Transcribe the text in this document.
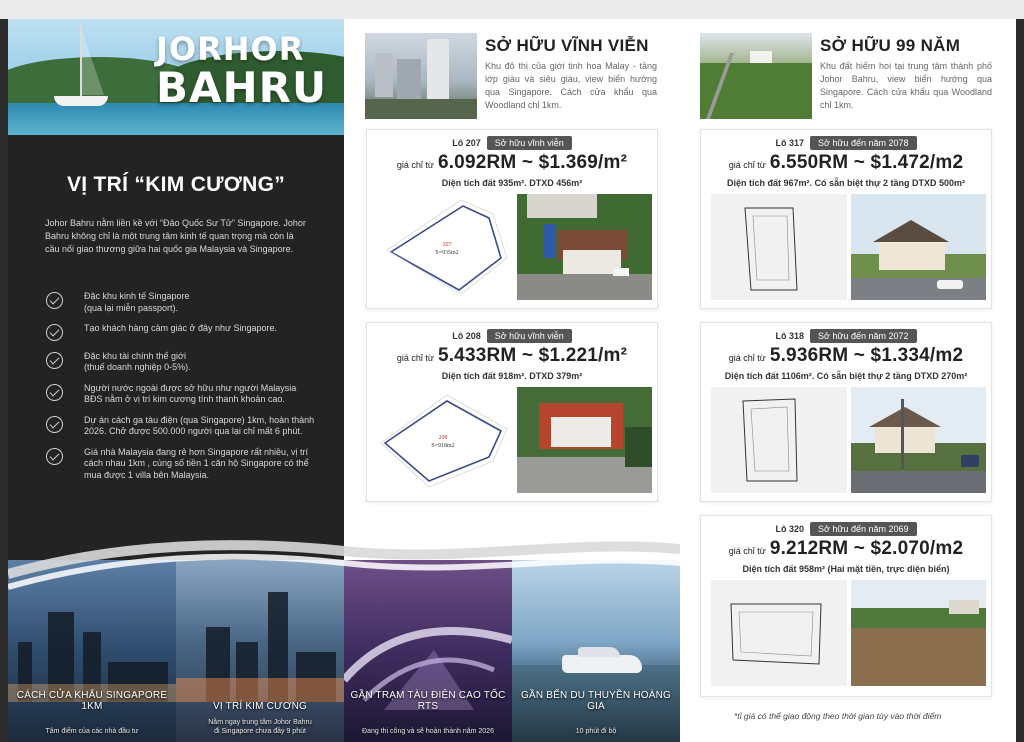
JORHOR
BAHRU
VỊ TRÍ “KIM CƯƠNG”

Johor Bahru nằm liền kề với “Đảo Quốc Sư Tử” Singapore. Johor Bahru không chỉ là một trung tâm kinh tế quan trọng mà còn là cầu nối giao thương giữa hai quốc gia Malaysia và Singapore.

Đặc khu kinh tế Singapore
(qua lại miễn passport).
Tạo khách hàng cảm giác ở đây như Singapore.
Đặc khu tài chính thế giới
(thuế doanh nghiệp 0-5%).
Người nước ngoài được sở hữu như người Malaysia
BĐS nằm ở vị trí kim cương tính thanh khoản cao.
Dự án cách ga tàu điện (qua Singapore) 1km, hoàn thành 2026. Chở được 500.000 người qua lại chỉ mất 6 phút.
Giá nhà Malaysia đang rẻ hơn Singapore rất nhiều, vị trí cách nhau 1km , cùng số tiền 1 căn hộ Singapore có thể mua được 1 villa bên Malaysia.
CÁCH CỬA KHẨU SINGAPORE 1KM
Tâm điểm của các nhà đầu tư
VỊ TRÍ KIM CƯƠNG
Nằm ngay trung tâm Johor Bahru
đi Singapore chưa đầy 9 phút
GẦN TRẠM TÀU ĐIỆN CAO TỐC RTS
Đang thi công và sẽ hoàn thành năm 2026
GẦN BẾN DU THUYỀN HOÀNG GIA
10 phút đi bộ
SỞ HỮU VĨNH VIỄN
Khu đô thị của giới tinh hoa Malay - tầng lớp giàu và siêu giàu, view biển hướng qua Singapore. Cách cửa khẩu qua Woodland chỉ 1km.
Lô 207 Sở hữu vĩnh viễn
giá chỉ từ 6.092RM ~ $1.369/m²
Diện tích đất 935m². DTXD 456m²
207
S=935m2
Lô 208 Sở hữu vĩnh viễn
giá chỉ từ 5.433RM ~ $1.221/m²
Diện tích đất 918m². DTXD 379m²
208
S=918m2
SỞ HỮU 99 NĂM
Khu đất hiếm hoi tại trung tâm thành phố Johor Bahru, view biển hướng qua Singapore. Cách cửa khẩu qua Woodland chỉ 1km.
Lô 317 Sở hữu đến năm 2078
giá chỉ từ 6.550RM ~ $1.472/m2
Diện tích đất 967m². Có sẵn biệt thự 2 tầng DTXD 500m²
Lô 318 Sở hữu đến năm 2072
giá chỉ từ 5.936RM ~ $1.334/m2
Diện tích đất 1106m². Có sẵn biệt thự 2 tầng DTXD 270m²
Lô 320 Sở hữu đến năm 2069
giá chỉ từ 9.212RM ~ $2.070/m2
Diện tích đất 958m² (Hai mặt tiền, trực diện biển)
*tỉ giá có thể giao động theo thời gian tùy vào thời điểm
